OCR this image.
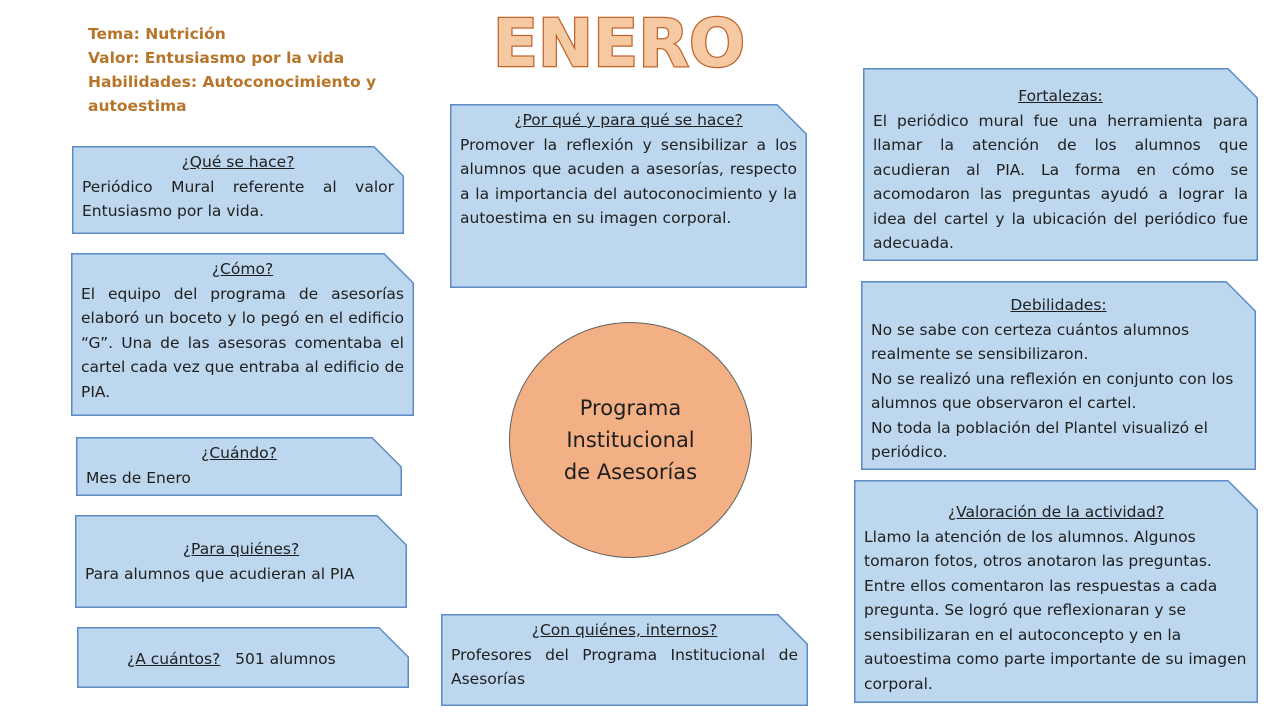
Tema: Nutrición
Valor: Entusiasmo por la vida
Habilidades: Autoconocimiento y autoestima
ENERO
¿Qué se hace?
Periódico Mural referente al valor Entusiasmo por la vida.
¿Cómo?
El equipo del programa de asesorías elaboró un boceto y lo pegó en el edificio “G”. Una de las asesoras comentaba el cartel cada vez que entraba al edificio de PIA.
¿Cuándo?
Mes de Enero
¿Para quiénes?
Para alumnos que acudieran al PIA
¿A cuántos? 501 alumnos
¿Por qué y para qué se hace?
Promover la reflexión y sensibilizar a los alumnos que acuden a asesorías, respecto a la importancia del autoconocimiento y la autoestima en su imagen corporal.
Programa Institucional de Asesorías
¿Con quiénes, internos?
Profesores del Programa Institucional de Asesorías
Fortalezas:
El periódico mural fue una herramienta para llamar la atención de los alumnos que acudieran al PIA. La forma en cómo se acomodaron las preguntas ayudó a lograr la idea del cartel y la ubicación del periódico fue adecuada.
Debilidades:
No se sabe con certeza cuántos alumnos realmente se sensibilizaron.
No se realizó una reflexión en conjunto con los alumnos que observaron el cartel.
No toda la población del Plantel visualizó el periódico.
¿Valoración de la actividad?
Llamo la atención de los alumnos. Algunos tomaron fotos, otros anotaron las preguntas. Entre ellos comentaron las respuestas a cada pregunta. Se logró que reflexionaran y se sensibilizaran en el autoconcepto y en la autoestima como parte importante de su imagen corporal.
